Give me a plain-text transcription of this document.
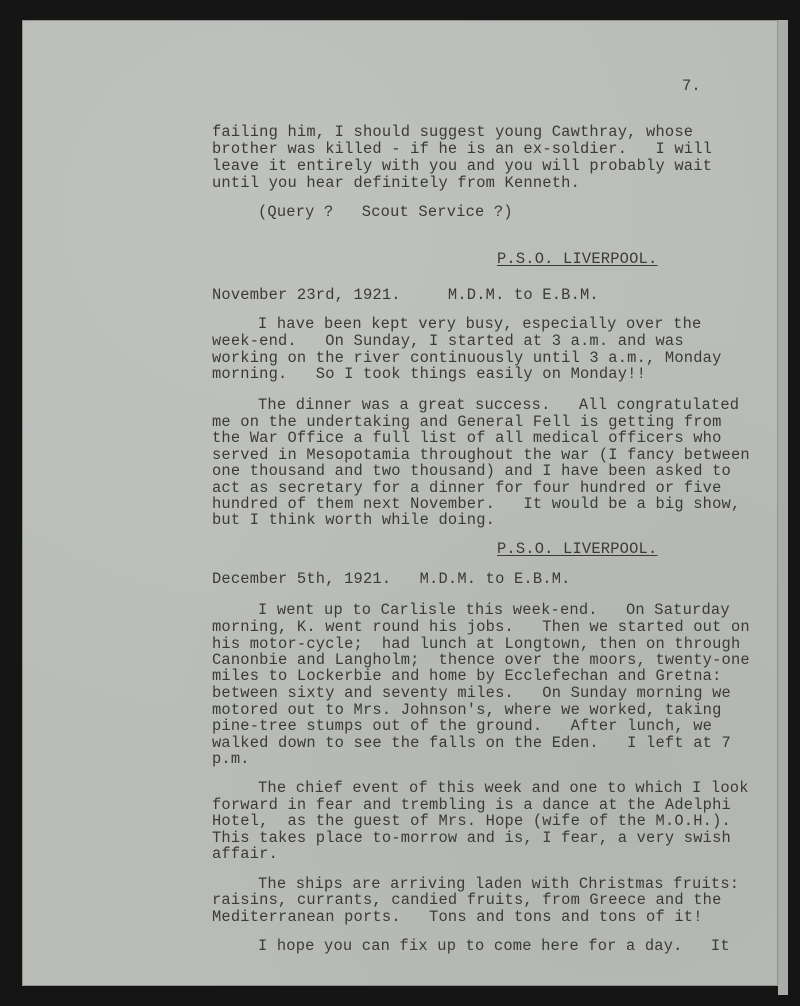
7.
failing him, I should suggest young Cawthray, whose
brother was killed - if he is an ex-soldier.   I will
leave it entirely with you and you will probably wait
until you hear definitely from Kenneth.
(Query ?   Scout Service ?)
P.S.O. LIVERPOOL.
November 23rd, 1921.     M.D.M. to E.B.M.
I have been kept very busy, especially over the
week-end.   On Sunday, I started at 3 a.m. and was
working on the river continuously until 3 a.m., Monday
morning.   So I took things easily on Monday!!
The dinner was a great success.   All congratulated
me on the undertaking and General Fell is getting from
the War Office a full list of all medical officers who
served in Mesopotamia throughout the war (I fancy between
one thousand and two thousand) and I have been asked to
act as secretary for a dinner for four hundred or five
hundred of them next November.   It would be a big show,
but I think worth while doing.
P.S.O. LIVERPOOL.
December 5th, 1921.   M.D.M. to E.B.M.
I went up to Carlisle this week-end.   On Saturday
morning, K. went round his jobs.   Then we started out on
his motor-cycle;  had lunch at Longtown, then on through
Canonbie and Langholm;  thence over the moors, twenty-one
miles to Lockerbie and home by Ecclefechan and Gretna:
between sixty and seventy miles.   On Sunday morning we
motored out to Mrs. Johnson's, where we worked, taking
pine-tree stumps out of the ground.   After lunch, we
walked down to see the falls on the Eden.   I left at 7
p.m.
The chief event of this week and one to which I look
forward in fear and trembling is a dance at the Adelphi
Hotel,  as the guest of Mrs. Hope (wife of the M.O.H.).
This takes place to-morrow and is, I fear, a very swish
affair.
The ships are arriving laden with Christmas fruits:
raisins, currants, candied fruits, from Greece and the
Mediterranean ports.   Tons and tons and tons of it!
I hope you can fix up to come here for a day.   It
